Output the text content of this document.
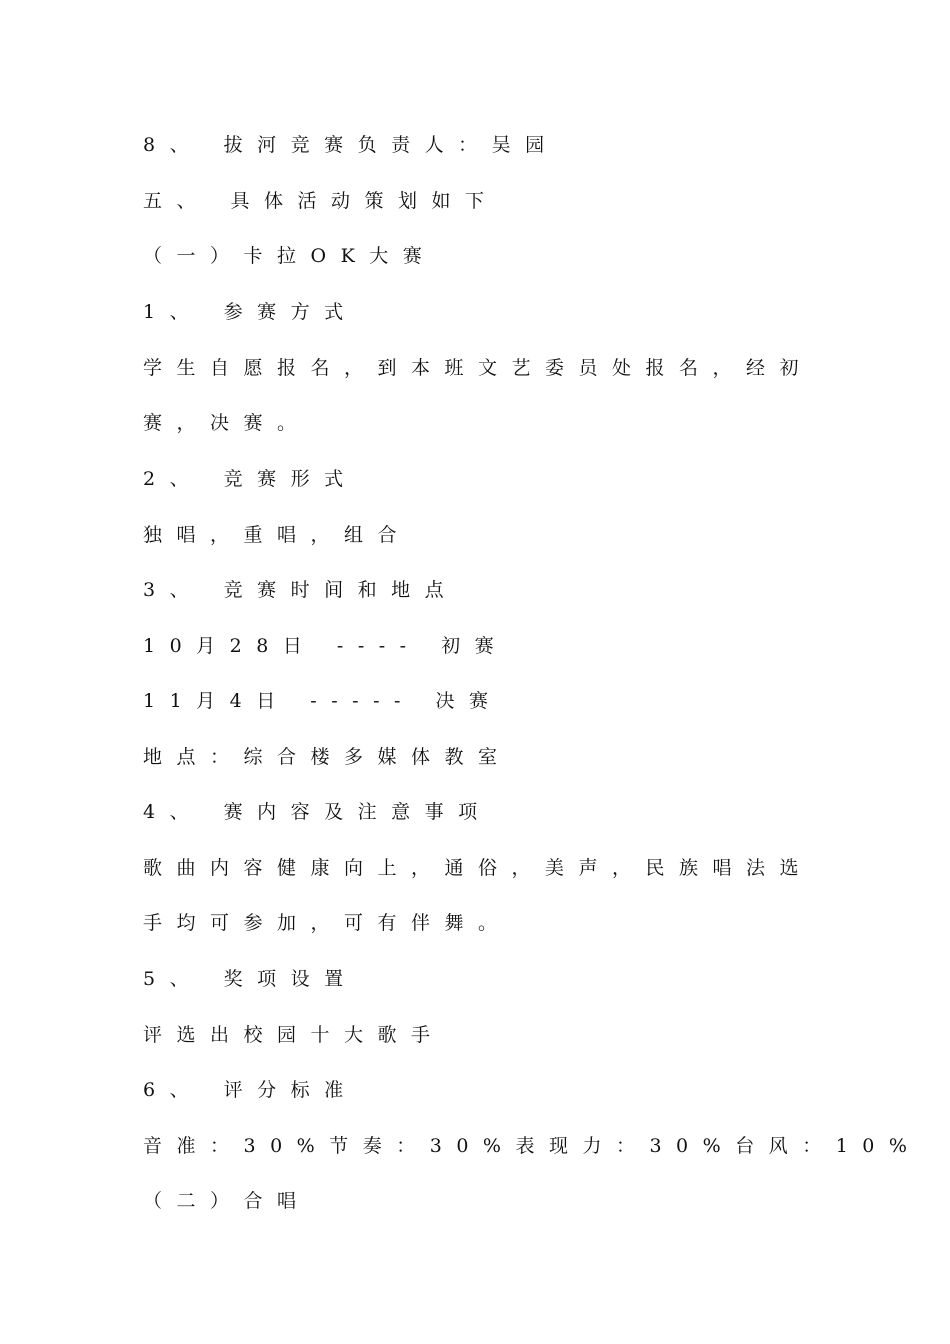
8、 拔河竞赛负责人：吴园
五、 具体活动策划如下
（一）卡拉OK大赛
1、 参赛方式
学生自愿报名，到本班文艺委员处报名，经初
赛，决赛。
2、 竞赛形式
独唱，重唱，组合
3、 竞赛时间和地点
10月28日 ---- 初赛
11月4日 ----- 决赛
地点：综合楼多媒体教室
4、 赛内容及注意事项
歌曲内容健康向上，通俗，美声，民族唱法选
手均可参加，可有伴舞。
5、 奖项设置
评选出校园十大歌手
6、 评分标准
音准：30%节奏：30%表现力：30%台风：10%
（二）合唱
